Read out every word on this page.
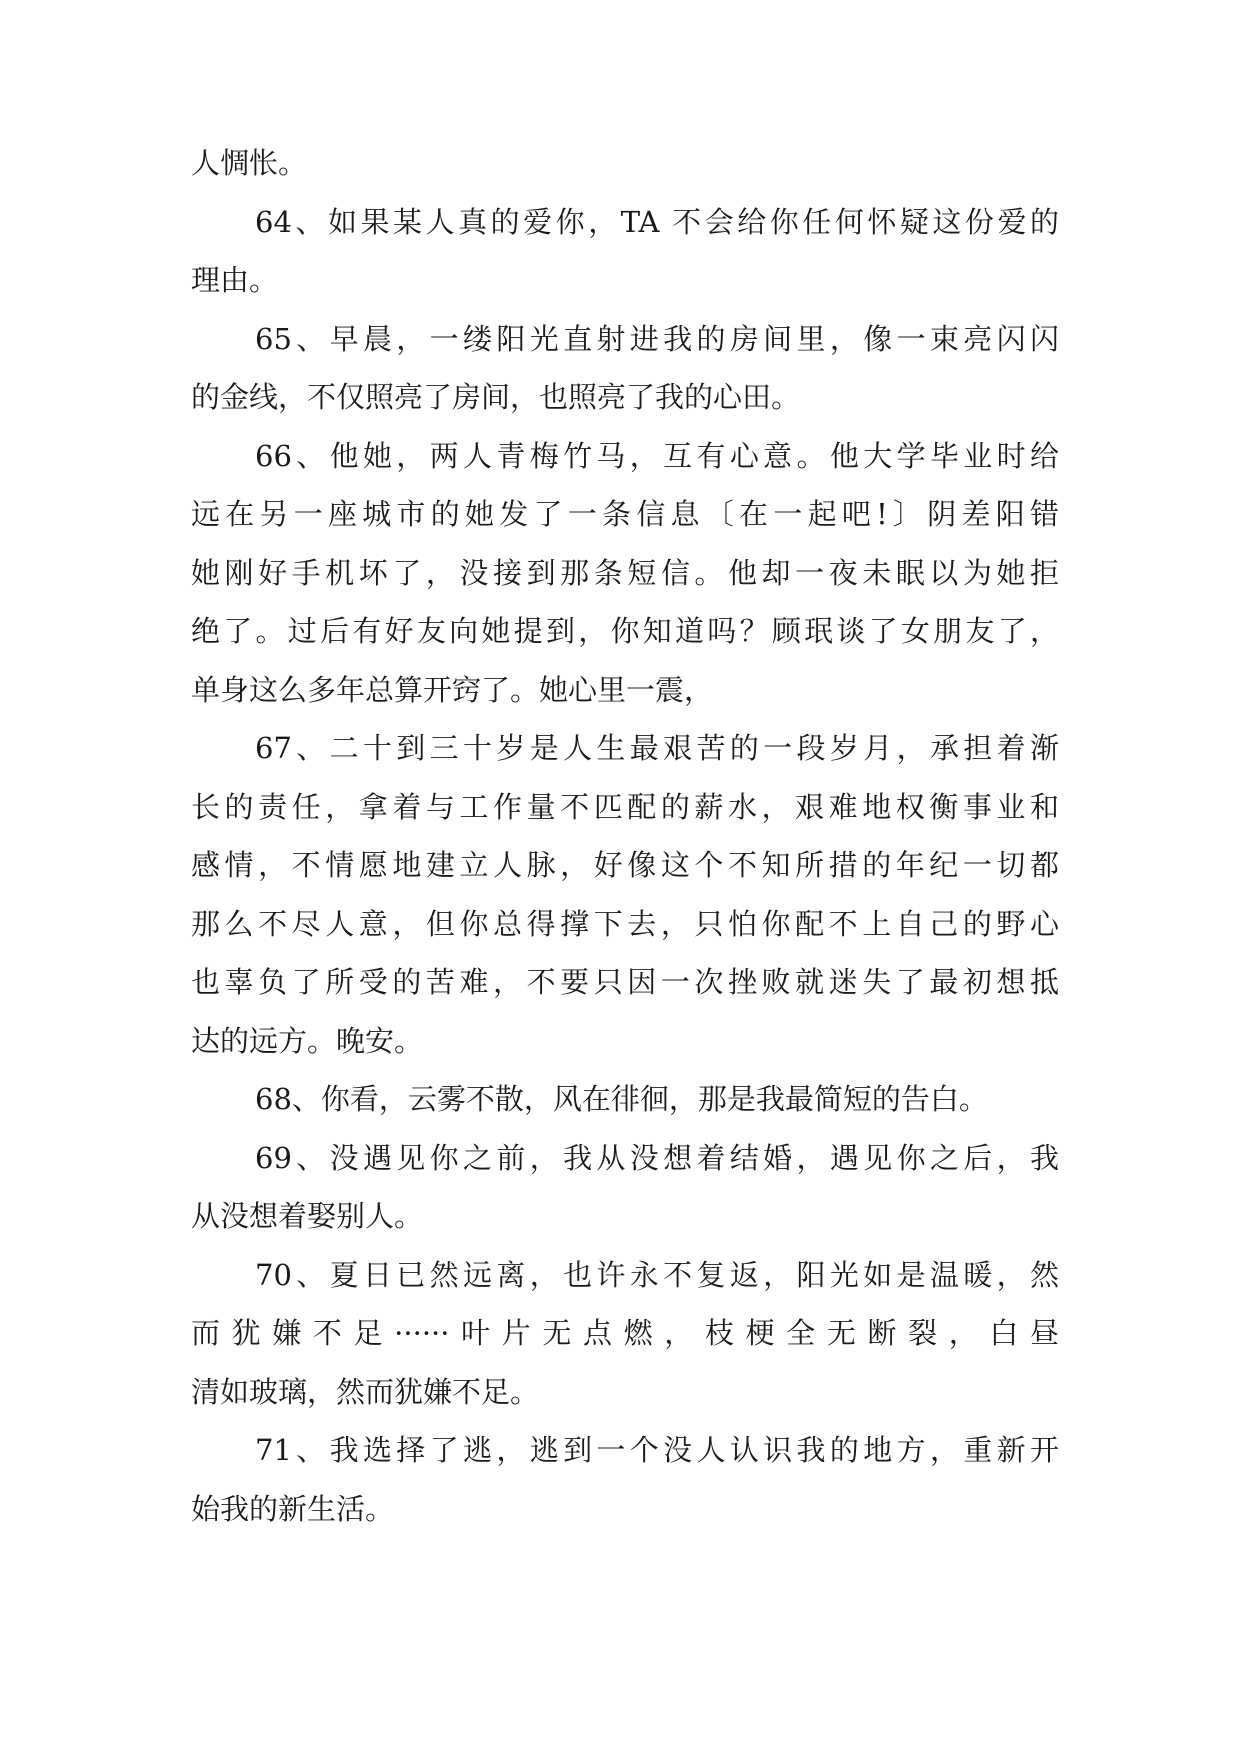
人惆怅。
64、如果某人真的爱你，TA 不会给你任何怀疑这份爱的
理由。
65、早晨，一缕阳光直射进我的房间里，像一束亮闪闪
的金线，不仅照亮了房间，也照亮了我的心田。
66、他她，两人青梅竹马，互有心意。他大学毕业时给
远在另一座城市的她发了一条信息〔在一起吧!〕阴差阳错
她刚好手机坏了，没接到那条短信。他却一夜未眠以为她拒
绝了。过后有好友向她提到，你知道吗？顾珉谈了女朋友了，
单身这么多年总算开窍了。她心里一震，
67、二十到三十岁是人生最艰苦的一段岁月，承担着渐
长的责任，拿着与工作量不匹配的薪水，艰难地权衡事业和
感情，不情愿地建立人脉，好像这个不知所措的年纪一切都
那么不尽人意，但你总得撑下去，只怕你配不上自己的野心
也辜负了所受的苦难，不要只因一次挫败就迷失了最初想抵
达的远方。晚安。
68、你看，云雾不散，风在徘徊，那是我最简短的告白。
69、没遇见你之前，我从没想着结婚，遇见你之后，我
从没想着娶别人。
70、夏日已然远离，也许永不复返，阳光如是温暖，然
而犹嫌不足······叶片无点燃，枝梗全无断裂，白昼
清如玻璃，然而犹嫌不足。
71、我选择了逃，逃到一个没人认识我的地方，重新开
始我的新生活。
